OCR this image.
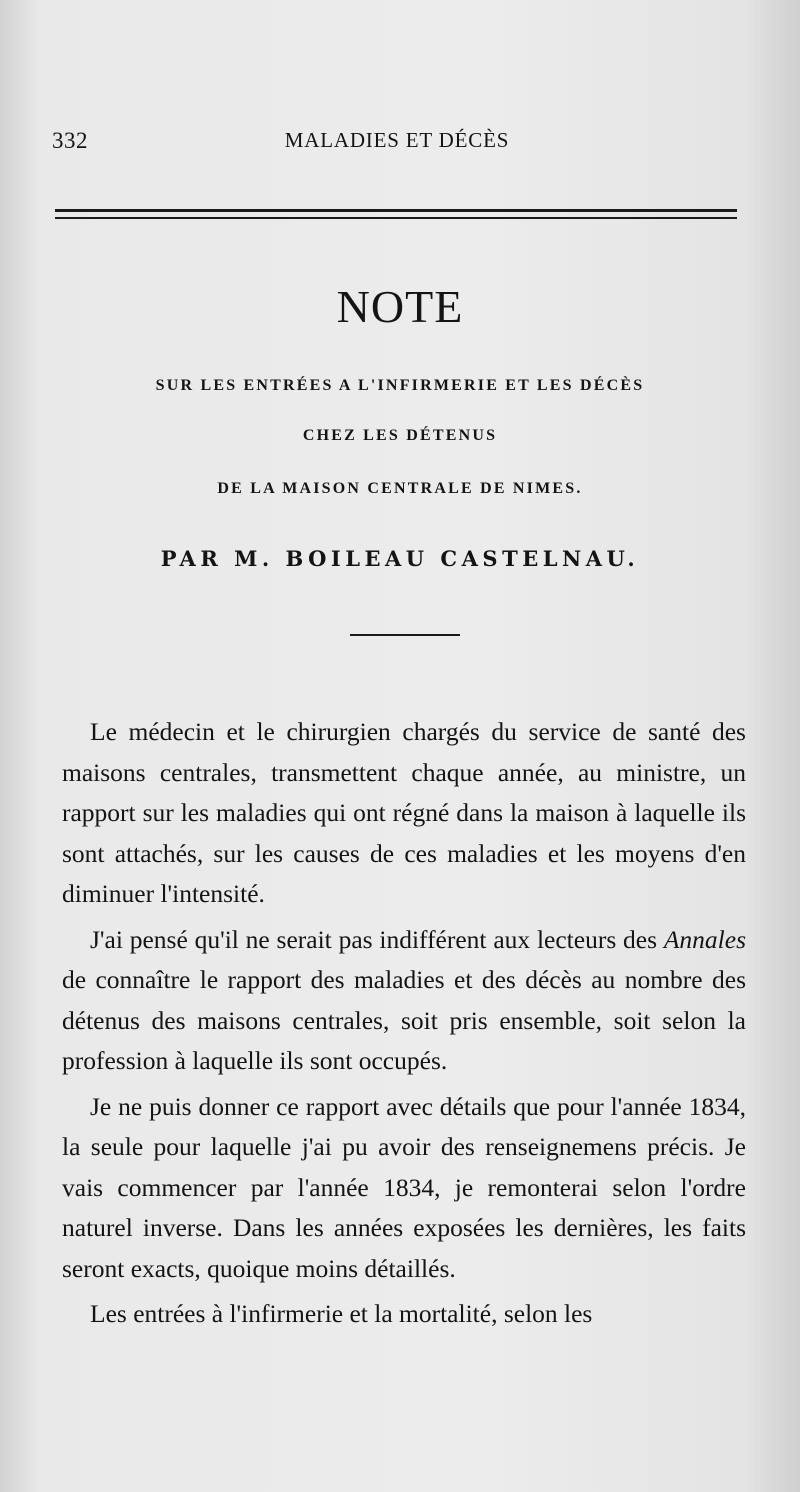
332	MALADIES ET DÉCÈS
NOTE
SUR LES ENTRÉES A L'INFIRMERIE ET LES DÉCÈS
CHEZ LES DÉTENUS
DE LA MAISON CENTRALE DE NIMES.
PAR M. BOILEAU CASTELNAU.

Le médecin et le chirurgien chargés du service de santé des maisons centrales, transmettent chaque année, au ministre, un rapport sur les maladies qui ont régné dans la maison à laquelle ils sont attachés, sur les causes de ces maladies et les moyens d'en diminuer l'intensité.

J'ai pensé qu'il ne serait pas indifférent aux lecteurs des Annales de connaître le rapport des maladies et des décès au nombre des détenus des maisons centrales, soit pris ensemble, soit selon la profession à laquelle ils sont occupés.

Je ne puis donner ce rapport avec détails que pour l'année 1834, la seule pour laquelle j'ai pu avoir des renseignemens précis. Je vais commencer par l'année 1834, je remonterai selon l'ordre naturel inverse. Dans les années exposées les dernières, les faits seront exacts, quoique moins détaillés.

Les entrées à l'infirmerie et la mortalité, selon les
